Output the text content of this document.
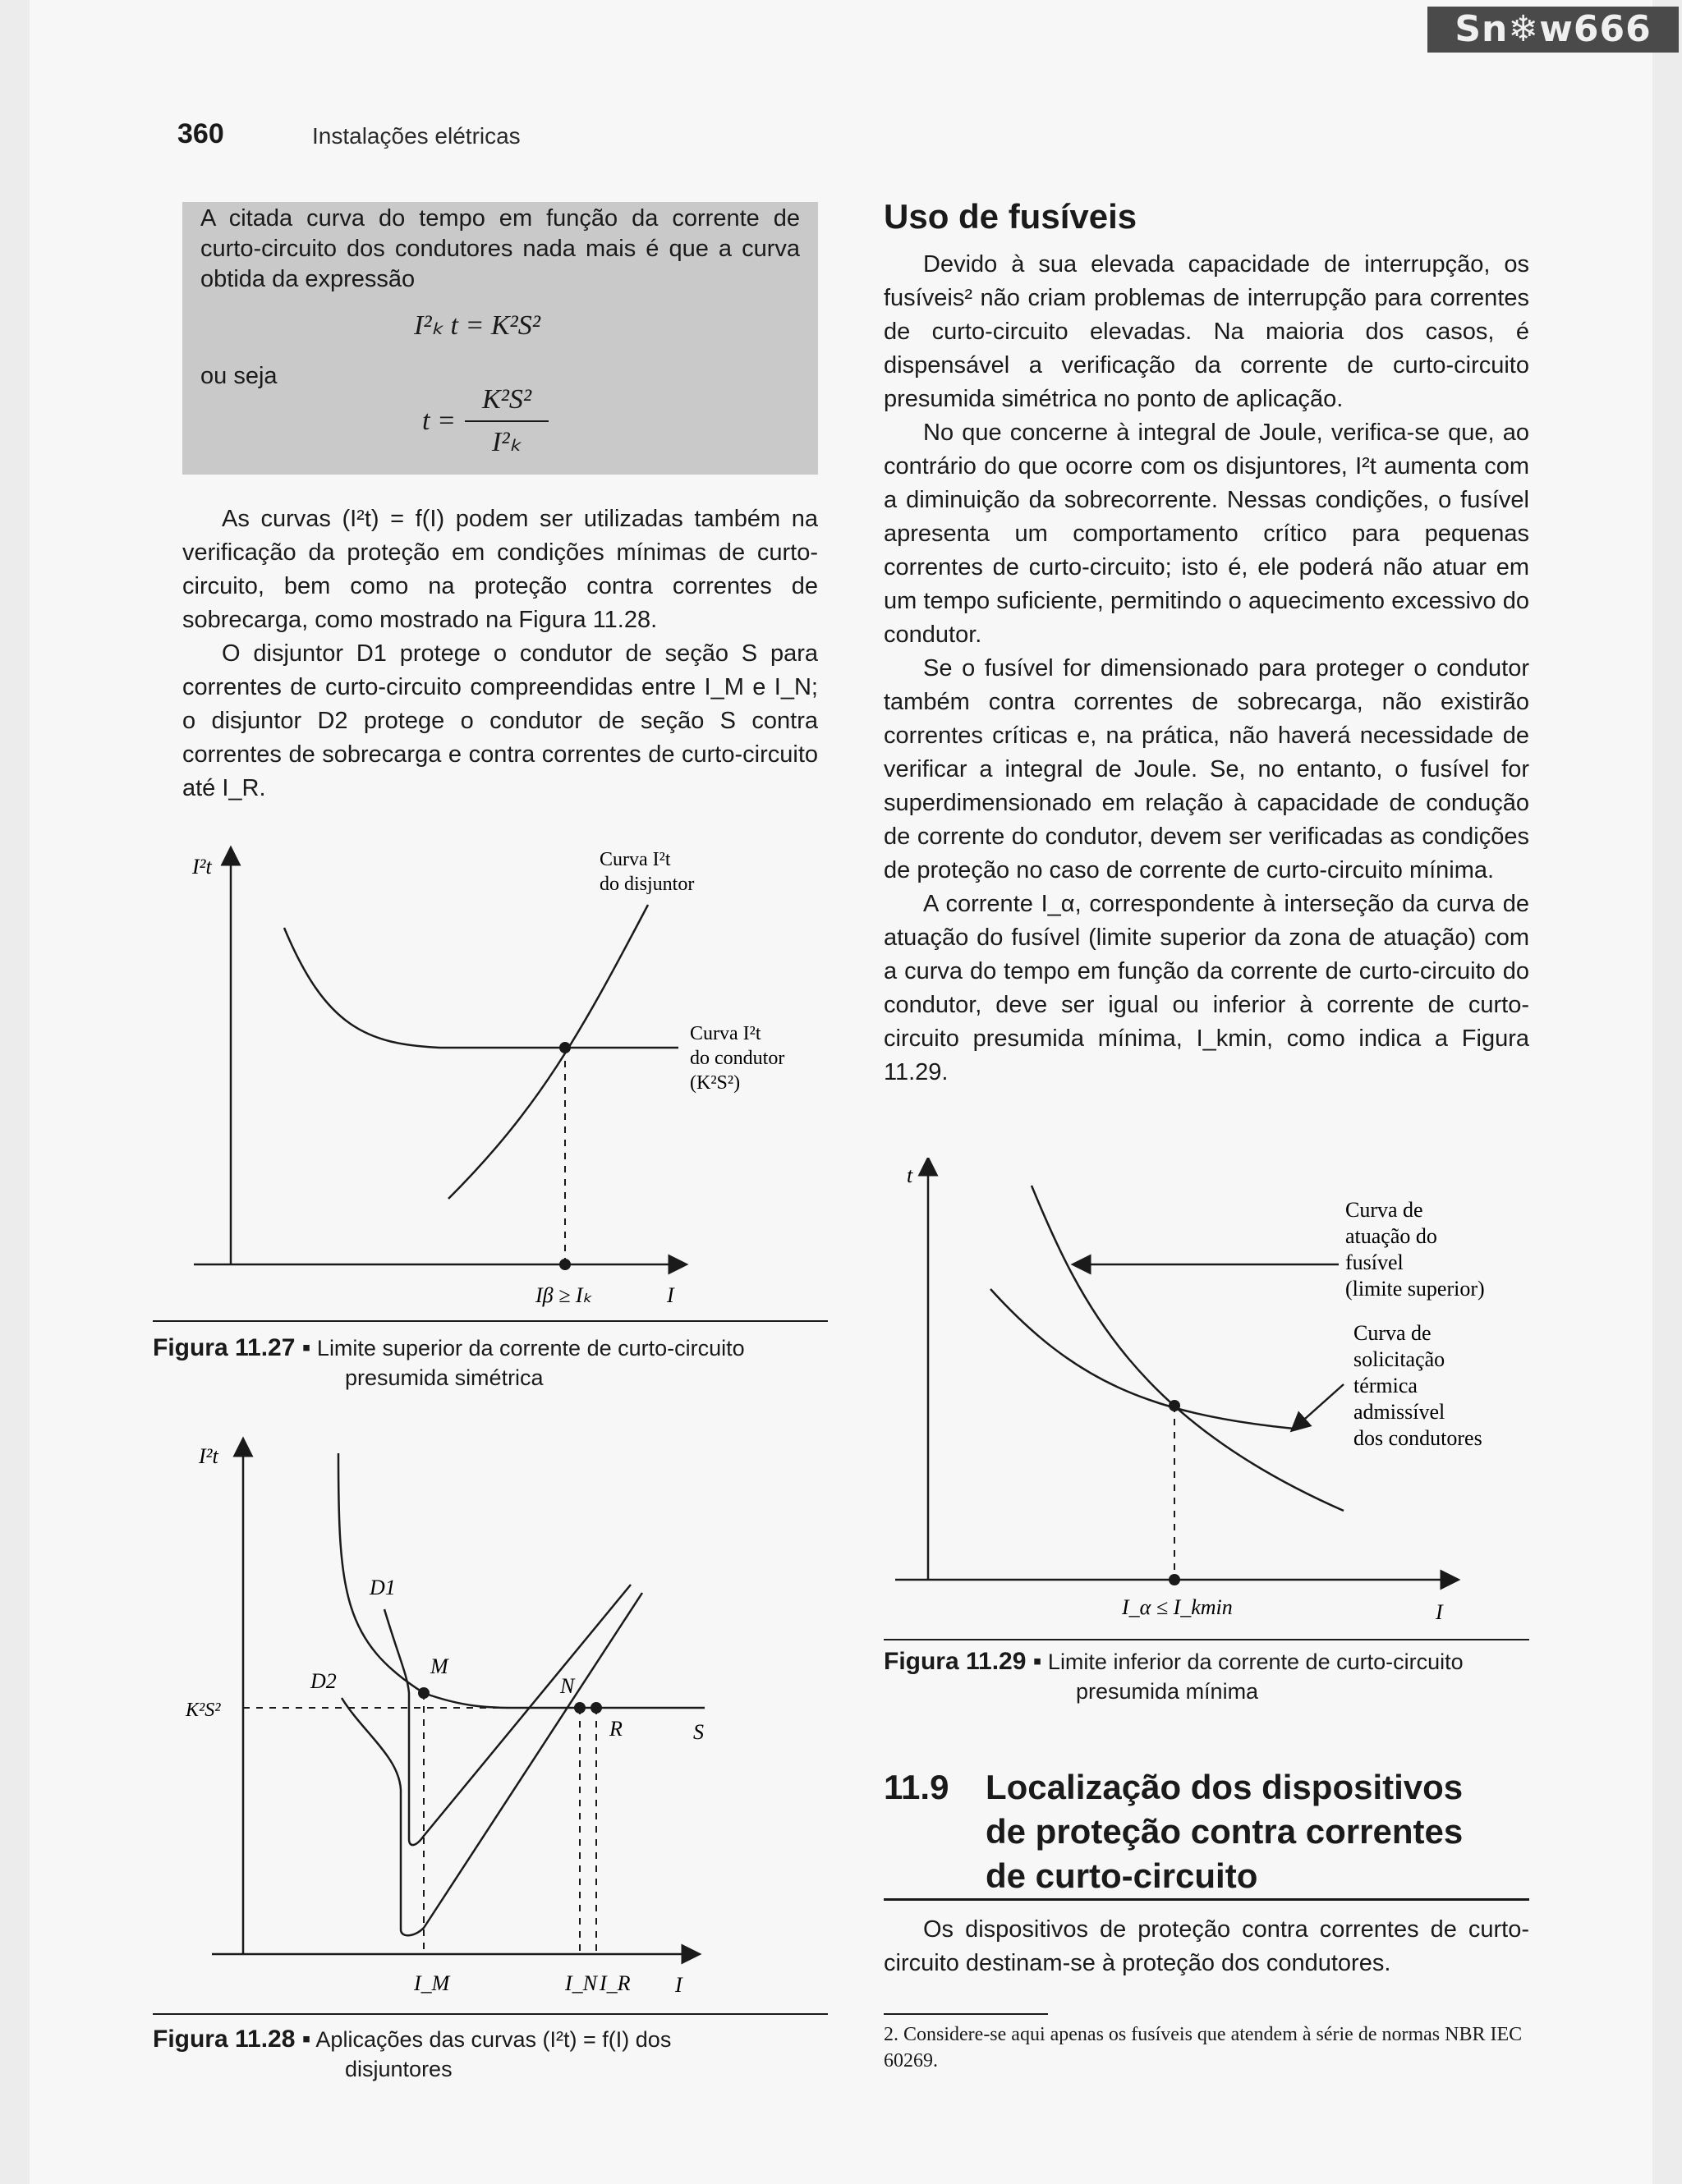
360	Instalações elétricas

A citada curva do tempo em função da corrente de curto-circuito dos condutores nada mais é que a curva obtida da expressão

I²ₖ t = K²S²
ou seja
t =
K²S²
I²ₖ

As curvas (I²t) = f(I) podem ser utilizadas também na verificação da proteção em condições mínimas de curto-circuito, bem como na proteção contra correntes de sobrecarga, como mostrado na Figura 11.28.

O disjuntor D1 protege o condutor de seção S para correntes de curto-circuito compreendidas entre I_M e I_N; o disjuntor D2 protege o condutor de seção S contra correntes de sobrecarga e contra correntes de curto-circuito até I_R.

I²t
I
Iβ ≥ Iₖ
Curva I²t
do disjuntor
Curva I²t
do condutor
(K²S²)
Figura 11.27 ▪ Limite superior da corrente de curto-circuito
presumida simétrica
I²t
I
K²S²
S
D1
D2
M
N
R
I_M	I_N I_R
Figura 11.28 ▪ Aplicações das curvas (I²t) = f(I) dos
disjuntores
Uso de fusíveis

Devido à sua elevada capacidade de interrupção, os fusíveis² não criam problemas de interrupção para correntes de curto-circuito elevadas. Na maioria dos casos, é dispensável a verificação da corrente de curto-circuito presumida simétrica no ponto de aplicação.

No que concerne à integral de Joule, verifica-se que, ao contrário do que ocorre com os disjuntores, I²t aumenta com a diminuição da sobrecorrente. Nessas condições, o fusível apresenta um comportamento crítico para pequenas correntes de curto-circuito; isto é, ele poderá não atuar em um tempo suficiente, permitindo o aquecimento excessivo do condutor.

Se o fusível for dimensionado para proteger o condutor também contra correntes de sobrecarga, não existirão correntes críticas e, na prática, não haverá necessidade de verificar a integral de Joule. Se, no entanto, o fusível for superdimensionado em relação à capacidade de condução de corrente do condutor, devem ser verificadas as condições de proteção no caso de corrente de curto-circuito mínima.

A corrente I_α, correspondente à interseção da curva de atuação do fusível (limite superior da zona de atuação) com a curva do tempo em função da corrente de curto-circuito do condutor, deve ser igual ou inferior à corrente de curto-circuito presumida mínima, I_kmin, como indica a Figura 11.29.

t
I
Curva de
atuação do
fusível
(limite superior)
Curva de
solicitação
térmica
admissível
dos condutores
I_α ≤ I_kmin
Figura 11.29 ▪ Limite inferior da corrente de curto-circuito
presumida mínima
11.9 Localização dos dispositivos de proteção contra correntes de curto-circuito

Os dispositivos de proteção contra correntes de curto-circuito destinam-se à proteção dos condutores.

2. Considere-se aqui apenas os fusíveis que atendem à série de normas NBR IEC 60269.
Sn❄w666
